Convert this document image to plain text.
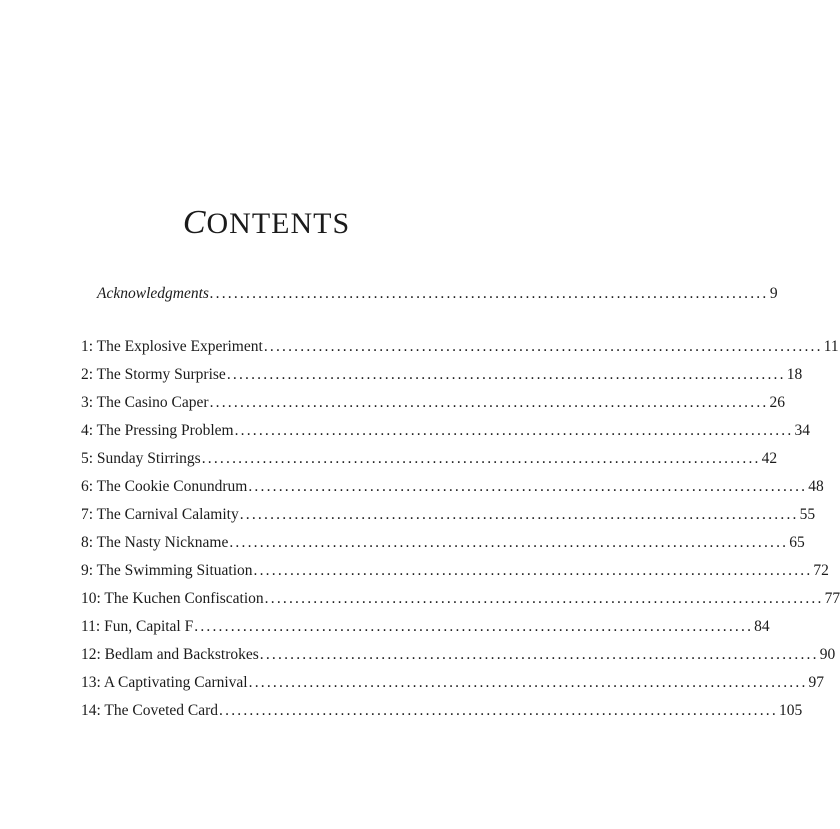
CONTENTS
Acknowledgments ............................................................................................ 9
1: The Explosive Experiment ............................................................................................ 11
2: The Stormy Surprise ............................................................................................ 18
3: The Casino Caper ............................................................................................ 26
4: The Pressing Problem ............................................................................................ 34
5: Sunday Stirrings ............................................................................................ 42
6: The Cookie Conundrum ............................................................................................ 48
7: The Carnival Calamity ............................................................................................ 55
8: The Nasty Nickname ............................................................................................ 65
9: The Swimming Situation ............................................................................................ 72
10: The Kuchen Confiscation ............................................................................................ 77
11: Fun, Capital F ............................................................................................ 84
12: Bedlam and Backstrokes ............................................................................................ 90
13: A Captivating Carnival ............................................................................................ 97
14: The Coveted Card ............................................................................................ 105
